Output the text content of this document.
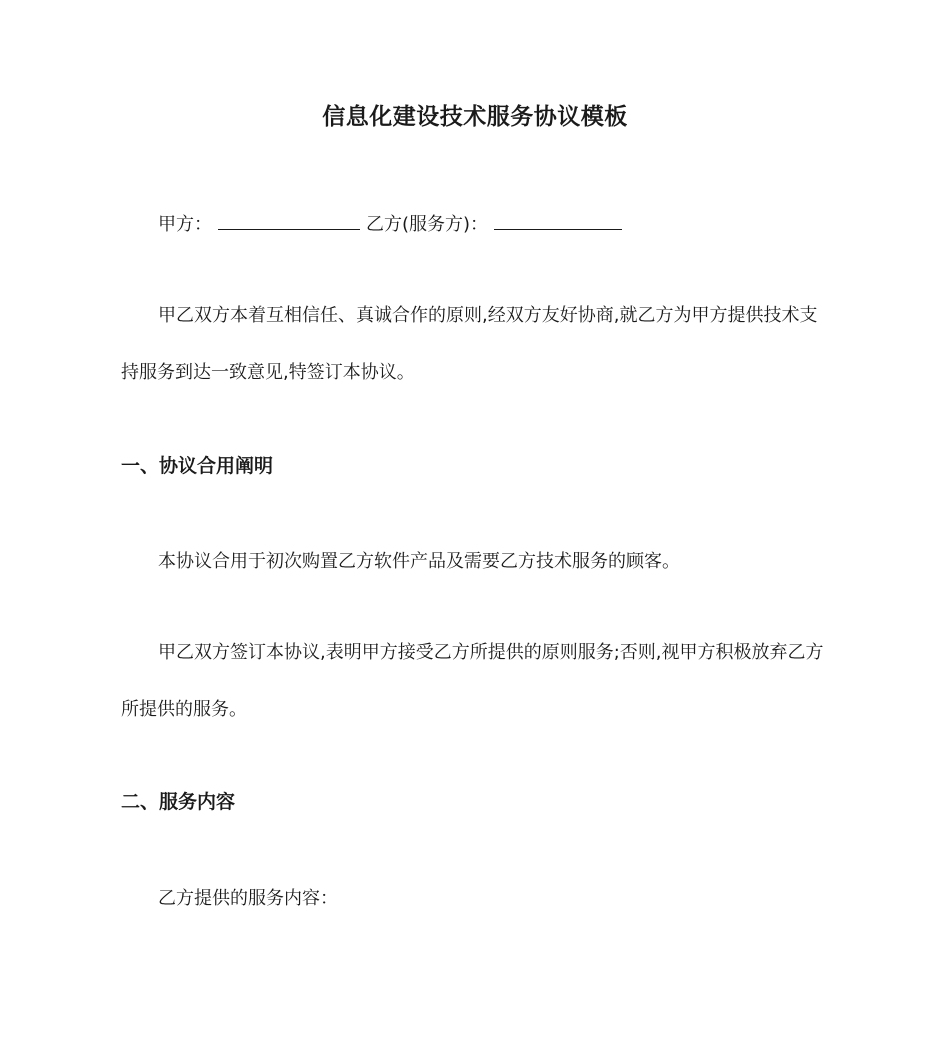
信息化建设技术服务协议模板
甲方：	乙方(服务方)：
甲乙双方本着互相信任、真诚合作的原则,经双方友好协商,就乙方为甲方提供技术支
持服务到达一致意见,特签订本协议。
一、协议合用阐明
本协议合用于初次购置乙方软件产品及需要乙方技术服务的顾客。
甲乙双方签订本协议,表明甲方接受乙方所提供的原则服务;否则,视甲方积极放弃乙方
所提供的服务。
二、服务内容
乙方提供的服务内容：
